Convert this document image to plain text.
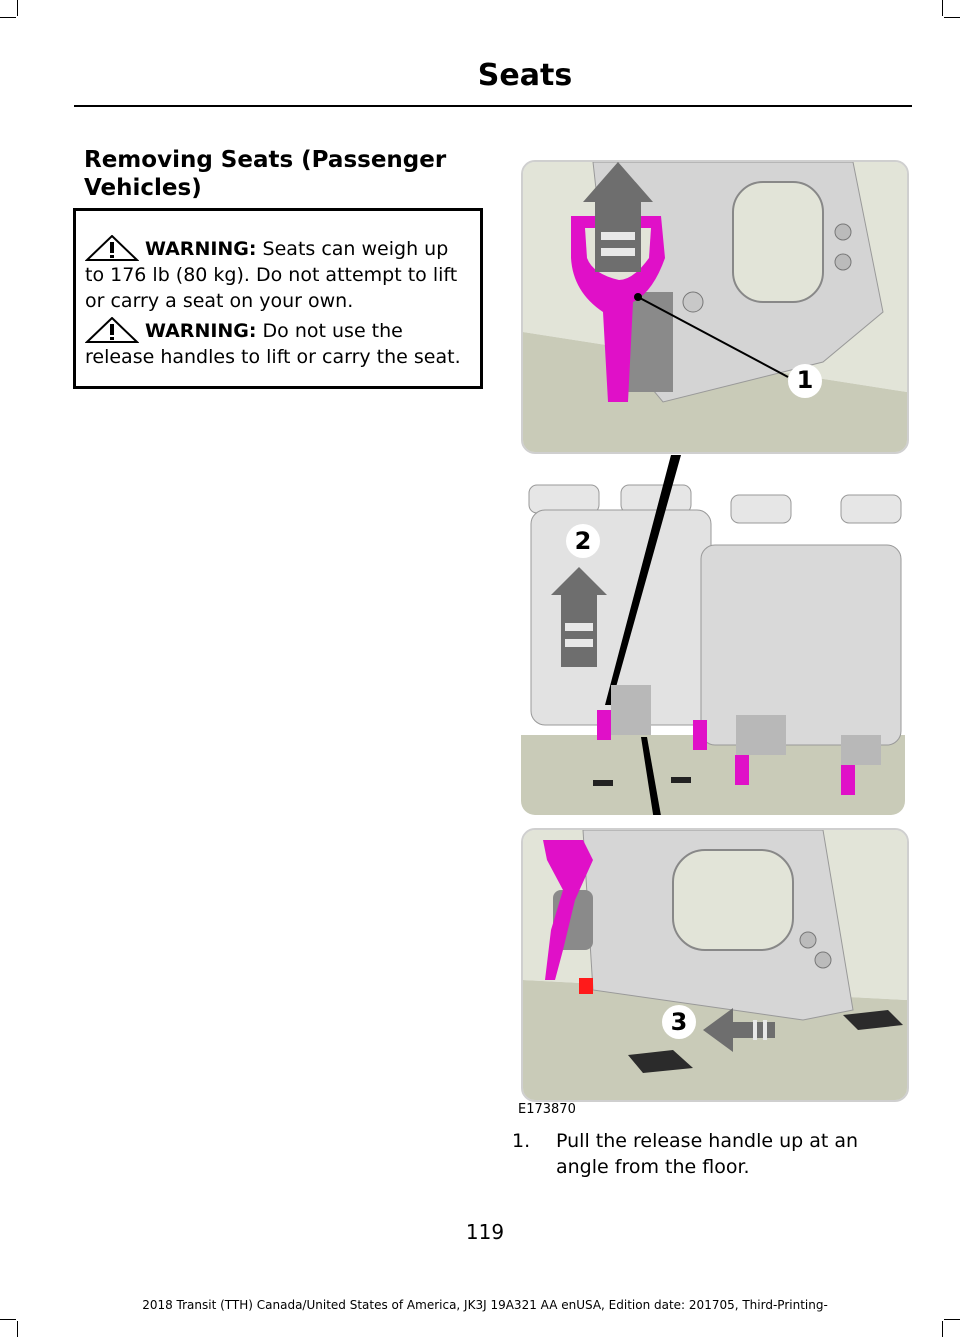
Seats
Removing Seats (Passenger Vehicles)
WARNING: Seats can weigh up to 176 lb (80 kg). Do not attempt to lift or carry a seat on your own.
WARNING: Do not use the release handles to lift or carry the seat.
1
2
3
E173870
1.	Pull the release handle up at an angle from the floor.
119
2018 Transit (TTH) Canada/United States of America, JK3J 19A321 AA enUSA, Edition date: 201705, Third-Printing-
